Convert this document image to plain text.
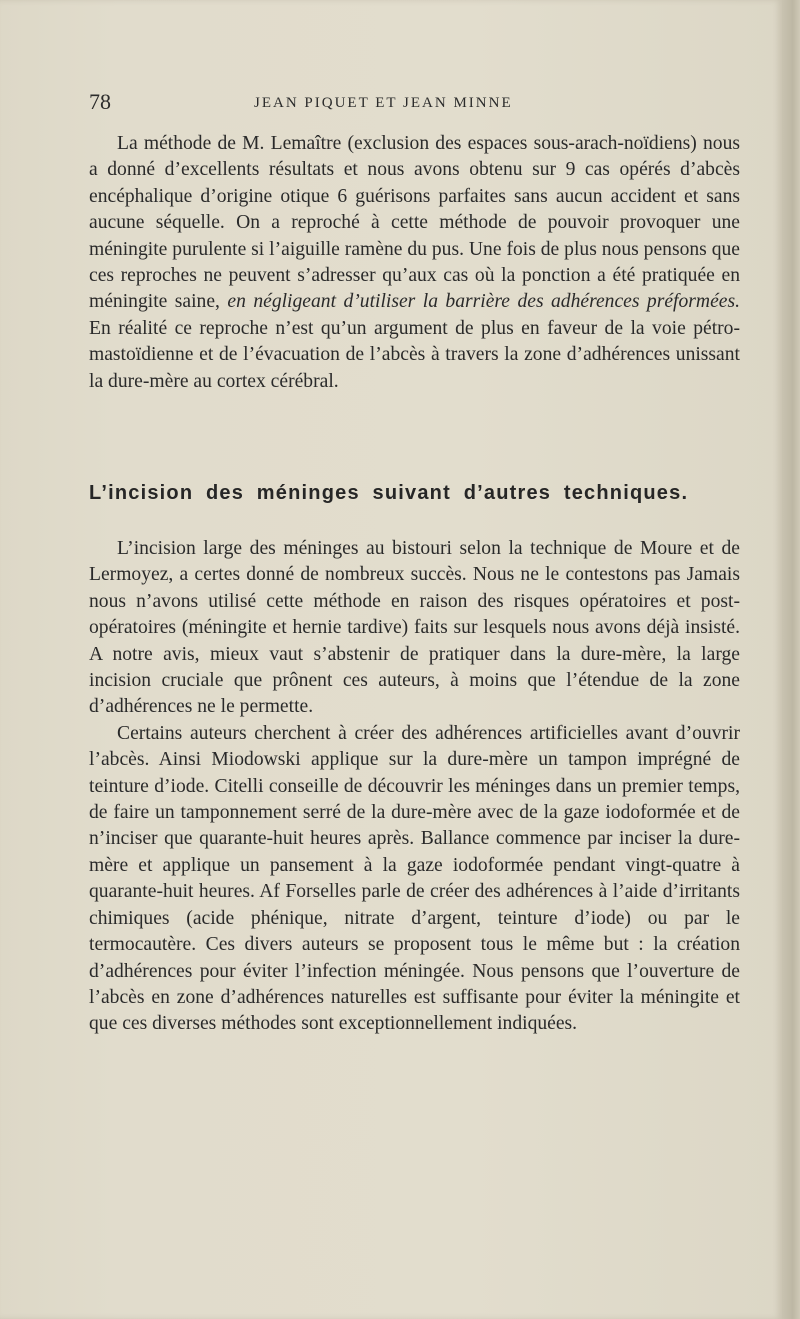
78	JEAN PIQUET ET JEAN MINNE

La méthode de M. Lemaître (exclusion des espaces sous-arach-noïdiens) nous a donné d’excellents résultats et nous avons obtenu sur 9 cas opérés d’abcès encéphalique d’origine otique 6 guérisons parfaites sans aucun accident et sans aucune séquelle. On a reproché à cette méthode de pouvoir provoquer une méningite purulente si l’aiguille ramène du pus. Une fois de plus nous pensons que ces reproches ne peuvent s’adresser qu’aux cas où la ponction a été pratiquée en méningite saine, en négligeant d’utiliser la barrière des adhérences préformées. En réalité ce reproche n’est qu’un argument de plus en faveur de la voie pétro-mastoïdienne et de l’évacuation de l’abcès à travers la zone d’adhérences unissant la dure-mère au cortex cérébral.

L’incision des méninges suivant d’autres techniques.

L’incision large des méninges au bistouri selon la technique de Moure et de Lermoyez, a certes donné de nombreux succès. Nous ne le contestons pas Jamais nous n’avons utilisé cette méthode en raison des risques opératoires et post-opératoires (méningite et hernie tardive) faits sur lesquels nous avons déjà insisté. A notre avis, mieux vaut s’abstenir de pratiquer dans la dure-mère, la large incision cruciale que prônent ces auteurs, à moins que l’étendue de la zone d’adhérences ne le permette.

Certains auteurs cherchent à créer des adhérences artificielles avant d’ouvrir l’abcès. Ainsi Miodowski applique sur la dure-mère un tampon imprégné de teinture d’iode. Citelli conseille de découvrir les méninges dans un premier temps, de faire un tamponnement serré de la dure-mère avec de la gaze iodoformée et de n’inciser que quarante-huit heures après. Ballance commence par inciser la dure-mère et applique un pansement à la gaze iodoformée pendant vingt-quatre à quarante-huit heures. Af Forselles parle de créer des adhérences à l’aide d’irritants chimiques (acide phénique, nitrate d’argent, teinture d’iode) ou par le termocautère. Ces divers auteurs se proposent tous le même but : la création d’adhérences pour éviter l’infection méningée. Nous pensons que l’ouverture de l’abcès en zone d’adhérences naturelles est suffisante pour éviter la méningite et que ces diverses méthodes sont exceptionnellement indiquées.
